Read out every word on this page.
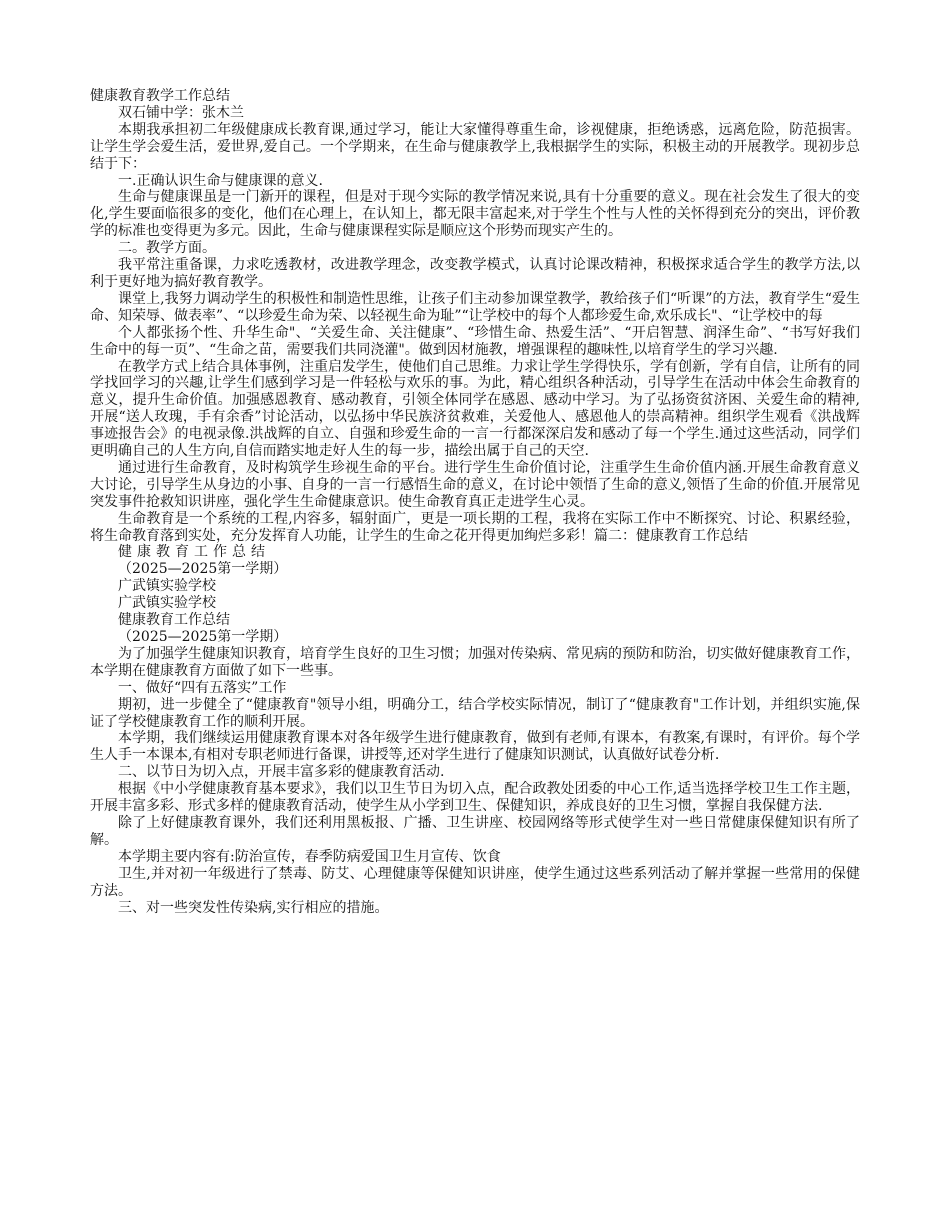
健康教育教学工作总结

双石铺中学：张木兰

本期我承担初二年级健康成长教育课,通过学习，能让大家懂得尊重生命，诊视健康，拒绝诱惑，远离危险，防范损害。让学生学会爱生活，爱世界,爱自己。一个学期来，在生命与健康教学上,我根据学生的实际，积极主动的开展教学。现初步总结于下：

一.正确认识生命与健康课的意义.

生命与健康课虽是一门新开的课程，但是对于现今实际的教学情况来说,具有十分重要的意义。现在社会发生了很大的变化,学生要面临很多的变化，他们在心理上，在认知上，都无限丰富起来,对于学生个性与人性的关怀得到充分的突出，评价教学的标准也变得更为多元。因此，生命与健康课程实际是顺应这个形势而现实产生的。

二。教学方面。

我平常注重备课，力求吃透教材，改进教学理念，改变教学模式，认真讨论课改精神，积极探求适合学生的教学方法,以利于更好地为搞好教育教学。

课堂上,我努力调动学生的积极性和制造性思维，让孩子们主动参加课堂教学，教给孩子们“听课”的方法，教育学生“爱生命、知荣辱、做表率”、“以珍爱生命为荣、以轻视生命为耻”“让学校中的每个人都珍爱生命,欢乐成长"、“让学校中的每

个人都张扬个性、升华生命"、“关爱生命、关注健康”、“珍惜生命、热爱生活”、“开启智慧、润泽生命”、“书写好我们生命中的每一页”、“生命之苗，需要我们共同浇灌"。做到因材施教，增强课程的趣味性,以培育学生的学习兴趣.

在教学方式上结合具体事例，注重启发学生，使他们自己思维。力求让学生学得快乐，学有创新，学有自信，让所有的同学找回学习的兴趣,让学生们感到学习是一件轻松与欢乐的事。为此，精心组织各种活动，引导学生在活动中体会生命教育的意义，提升生命价值。加强感恩教育、感动教育，引领全体同学在感恩、感动中学习。为了弘扬资贫济困、关爱生命的精神,开展“送人玫瑰，手有余香”讨论活动，以弘扬中华民族济贫救难，关爱他人、感恩他人的崇高精神。组织学生观看《洪战辉事迹报告会》的电视录像.洪战辉的自立、自强和珍爱生命的一言一行都深深启发和感动了每一个学生.通过这些活动，同学们更明确自己的人生方向,自信而踏实地走好人生的每一步，描绘出属于自己的天空.

通过进行生命教育，及时构筑学生珍视生命的平台。进行学生生命价值讨论，注重学生生命价值内涵.开展生命教育意义大讨论，引导学生从身边的小事、自身的一言一行感悟生命的意义，在讨论中领悟了生命的意义,领悟了生命的价值.开展常见突发事件抢救知识讲座，强化学生生命健康意识。使生命教育真正走进学生心灵。

生命教育是一个系统的工程,内容多，辐射面广，更是一项长期的工程，我将在实际工作中不断探究、讨论、积累经验，将生命教育落到实处，充分发挥育人功能，让学生的生命之花开得更加绚烂多彩！篇二：健康教育工作总结

健康教育工作总结

（2025—2025第一学期）

广武镇实验学校

广武镇实验学校

健康教育工作总结

（2025—2025第一学期）

为了加强学生健康知识教育，培育学生良好的卫生习惯；加强对传染病、常见病的预防和防治，切实做好健康教育工作，本学期在健康教育方面做了如下一些事。

一、做好“四有五落实”工作

期初，进一步健全了“健康教育"领导小组，明确分工，结合学校实际情况，制订了“健康教育"工作计划，并组织实施,保证了学校健康教育工作的顺利开展。

本学期，我们继续运用健康教育课本对各年级学生进行健康教育，做到有老师,有课本，有教案,有课时，有评价。每个学生人手一本课本,有相对专职老师进行备课，讲授等,还对学生进行了健康知识测试，认真做好试卷分析.

二、以节日为切入点，开展丰富多彩的健康教育活动.

根据《中小学健康教育基本要求》，我们以卫生节日为切入点，配合政教处团委的中心工作,适当选择学校卫生工作主题，开展丰富多彩、形式多样的健康教育活动，使学生从小学到卫生、保健知识，养成良好的卫生习惯，掌握自我保健方法.

除了上好健康教育课外，我们还利用黑板报、广播、卫生讲座、校园网络等形式使学生对一些日常健康保健知识有所了解。

本学期主要内容有:防治宣传，春季防病爱国卫生月宣传、饮食

卫生,并对初一年级进行了禁毒、防艾、心理健康等保健知识讲座，使学生通过这些系列活动了解并掌握一些常用的保健方法。

三、对一些突发性传染病,实行相应的措施。
